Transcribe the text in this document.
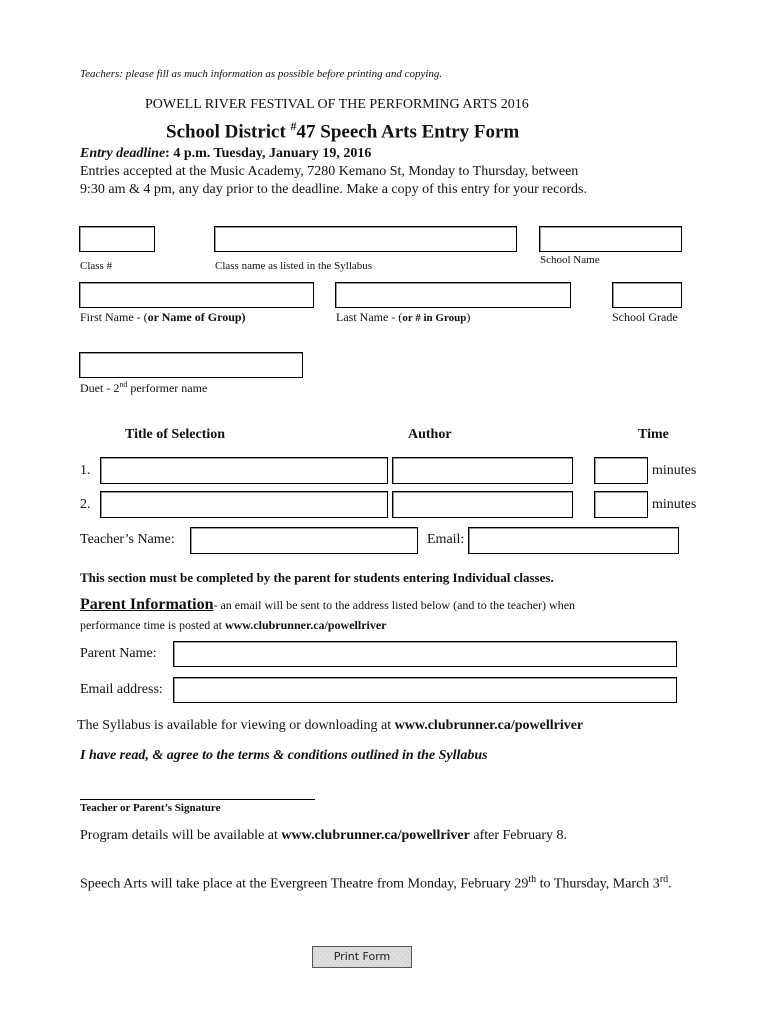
Teachers: please fill as much information as possible before printing and copying.
POWELL RIVER FESTIVAL OF THE PERFORMING ARTS 2016
School District #47 Speech Arts Entry Form
Entry deadline: 4 p.m. Tuesday, January 19, 2016
Entries accepted at the Music Academy, 7280 Kemano St, Monday to Thursday, between
9:30 am & 4 pm, any day prior to the deadline. Make a copy of this entry for your records.
Class #	Class name as listed in the Syllabus	School Name
First Name - (or Name of Group)	Last Name - (or # in Group)	School Grade
Duet - 2nd performer name
Title of Selection	Author	Time
1.	minutes
2.	minutes
Teacher’s Name:	Email:
This section must be completed by the parent for students entering Individual classes.
Parent Information- an email will be sent to the address listed below (and to the teacher) when
performance time is posted at www.clubrunner.ca/powellriver
Parent Name:
Email address:
The Syllabus is available for viewing or downloading at www.clubrunner.ca/powellriver
I have read, & agree to the terms & conditions outlined in the Syllabus
Teacher or Parent’s Signature
Program details will be available at www.clubrunner.ca/powellriver after February 8.
Speech Arts will take place at the Evergreen Theatre from Monday, February 29th to Thursday, March 3rd.
Print Form
